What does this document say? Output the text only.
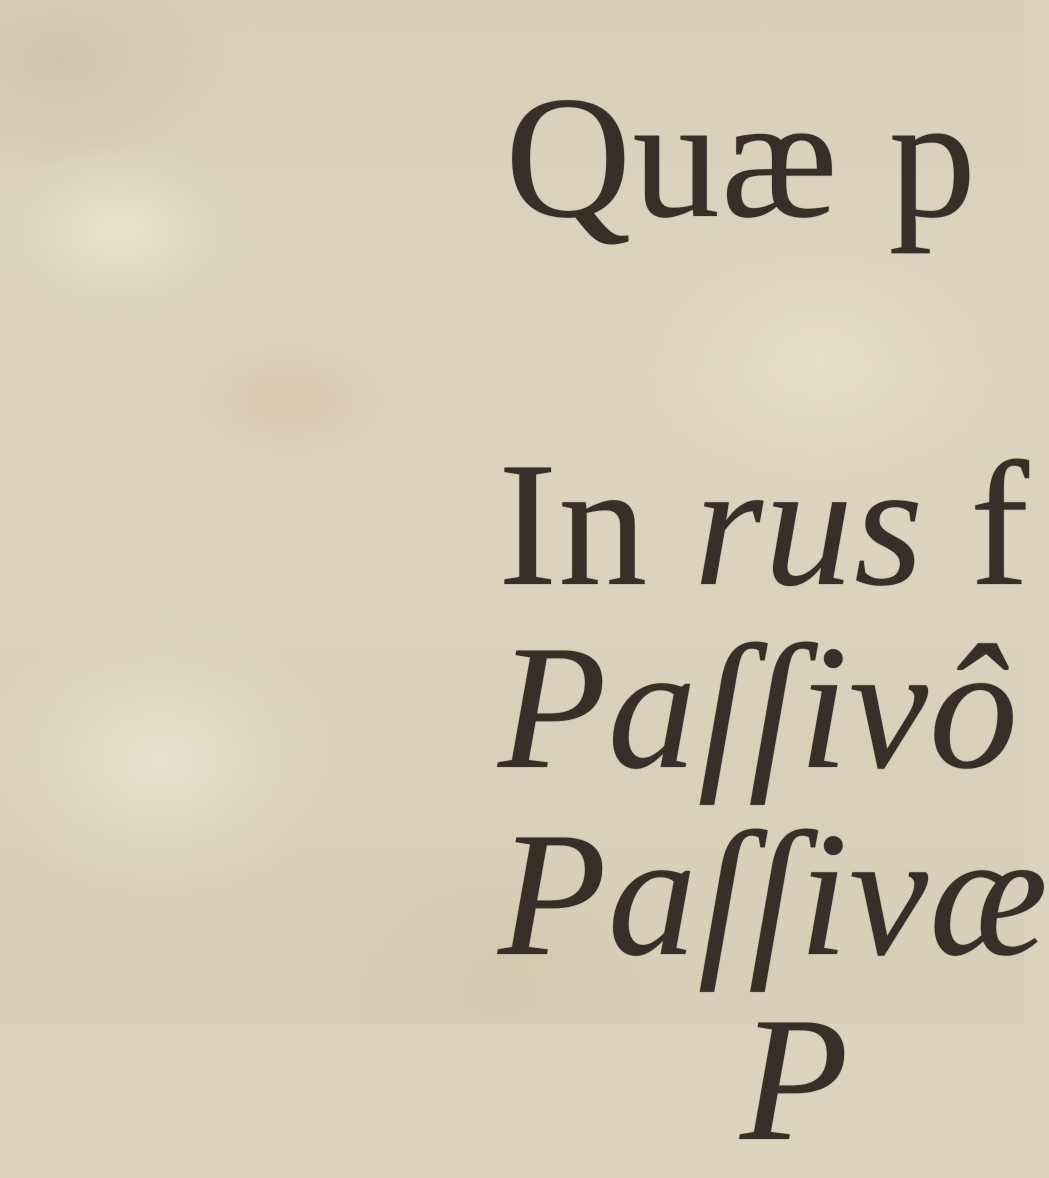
Quæ p
In rus f
Paſſivô
Paſſivæ
P
